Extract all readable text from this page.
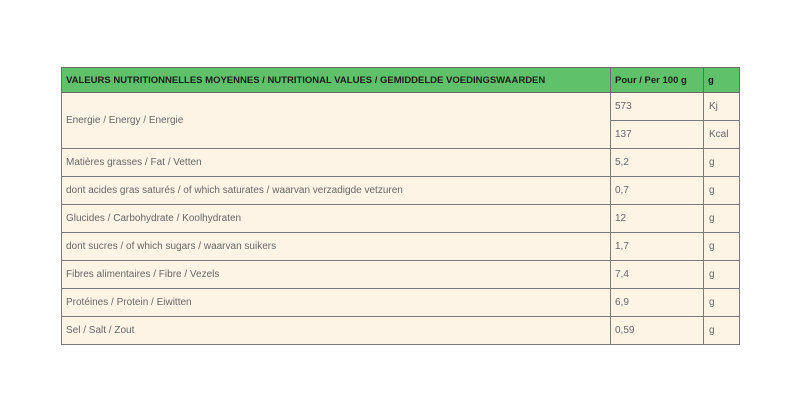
VALEURS NUTRITIONNELLES MOYENNES / NUTRITIONAL VALUES / GEMIDDELDE VOEDINGSWAARDEN	Pour / Per 100 g	g
Energie / Energy / Energie	573	Kj
	137	Kcal
Matières grasses / Fat / Vetten	5,2	g
dont acides gras saturés / of which saturates / waarvan verzadigde vetzuren	0,7	g
Glucides / Carbohydrate / Koolhydraten	12	g
dont sucres / of which sugars / waarvan suikers	1,7	g
Fibres alimentaires / Fibre / Vezels	7,4	g
Protéines / Protein / Eiwitten	6,9	g
Sel / Salt / Zout	0,59	g
